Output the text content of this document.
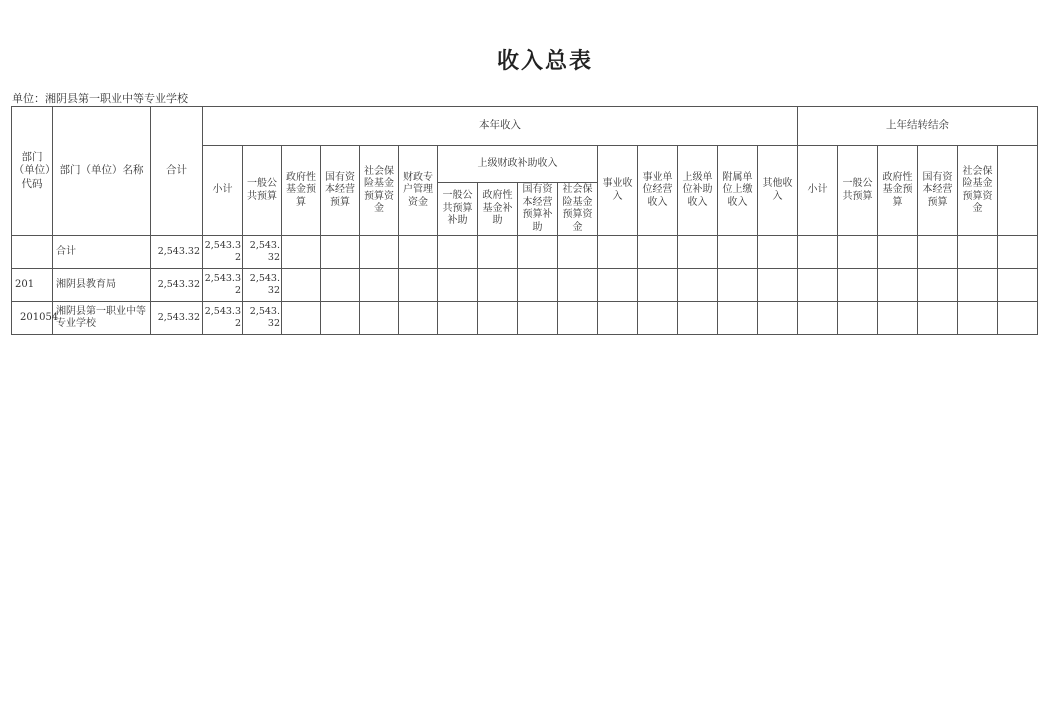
收入总表
单位：湘阴县第一职业中等专业学校
部门（单位）代码	部门（单位）名称	合计	本年收入															上年结转结余					
			小计	一般公共预算	政府性基金预算	国有资本经营预算	社会保险基金预算资金	财政专户管理资金	上级财政补助收入				事业收入	事业单位经营收入	上级单位补助收入	附属单位上缴收入	其他收入	小计	一般公共预算	政府性基金预算	国有资本经营预算	社会保险基金预算资金	
									一般公共预算补助	政府性基金补助	国有资本经营预算补助	社会保险基金预算资金											
	合计	2,543.32	2,543.32	2,543.32																			
201	湘阴县教育局	2,543.32	2,543.32	2,543.32																			
201054	湘阴县第一职业中等专业学校	2,543.32	2,543.32	2,543.32																			
